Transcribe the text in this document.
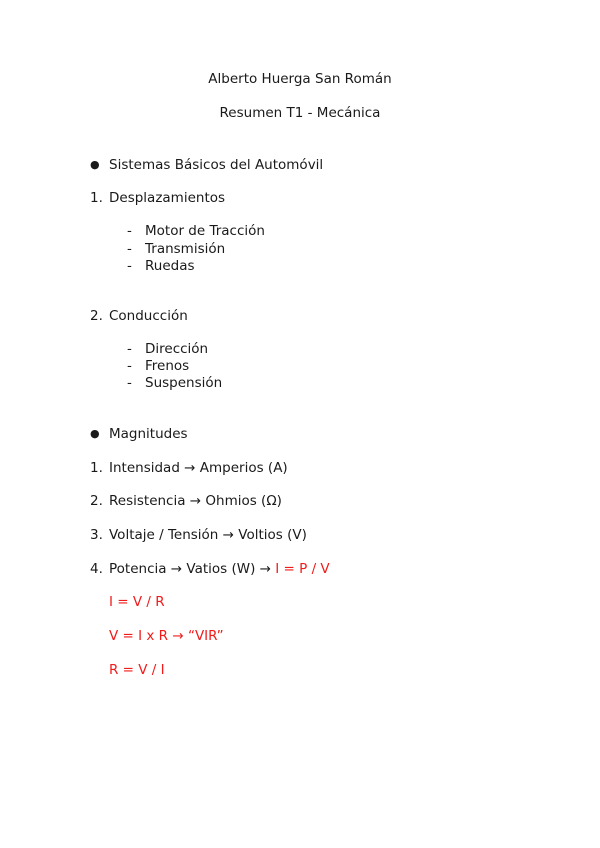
Alberto Huerga San Román
Resumen T1 - Mecánica
● Sistemas Básicos del Automóvil
1. Desplazamientos
- Motor de Tracción
- Transmisión
- Ruedas
2. Conducción
- Dirección
- Frenos
- Suspensión
● Magnitudes
1. Intensidad → Amperios (A)
2. Resistencia → Ohmios (Ω)
3. Voltaje / Tensión → Voltios (V)
4. Potencia → Vatios (W) → I = P / V
I = V / R
V = I x R → “VIR”
R = V / I
